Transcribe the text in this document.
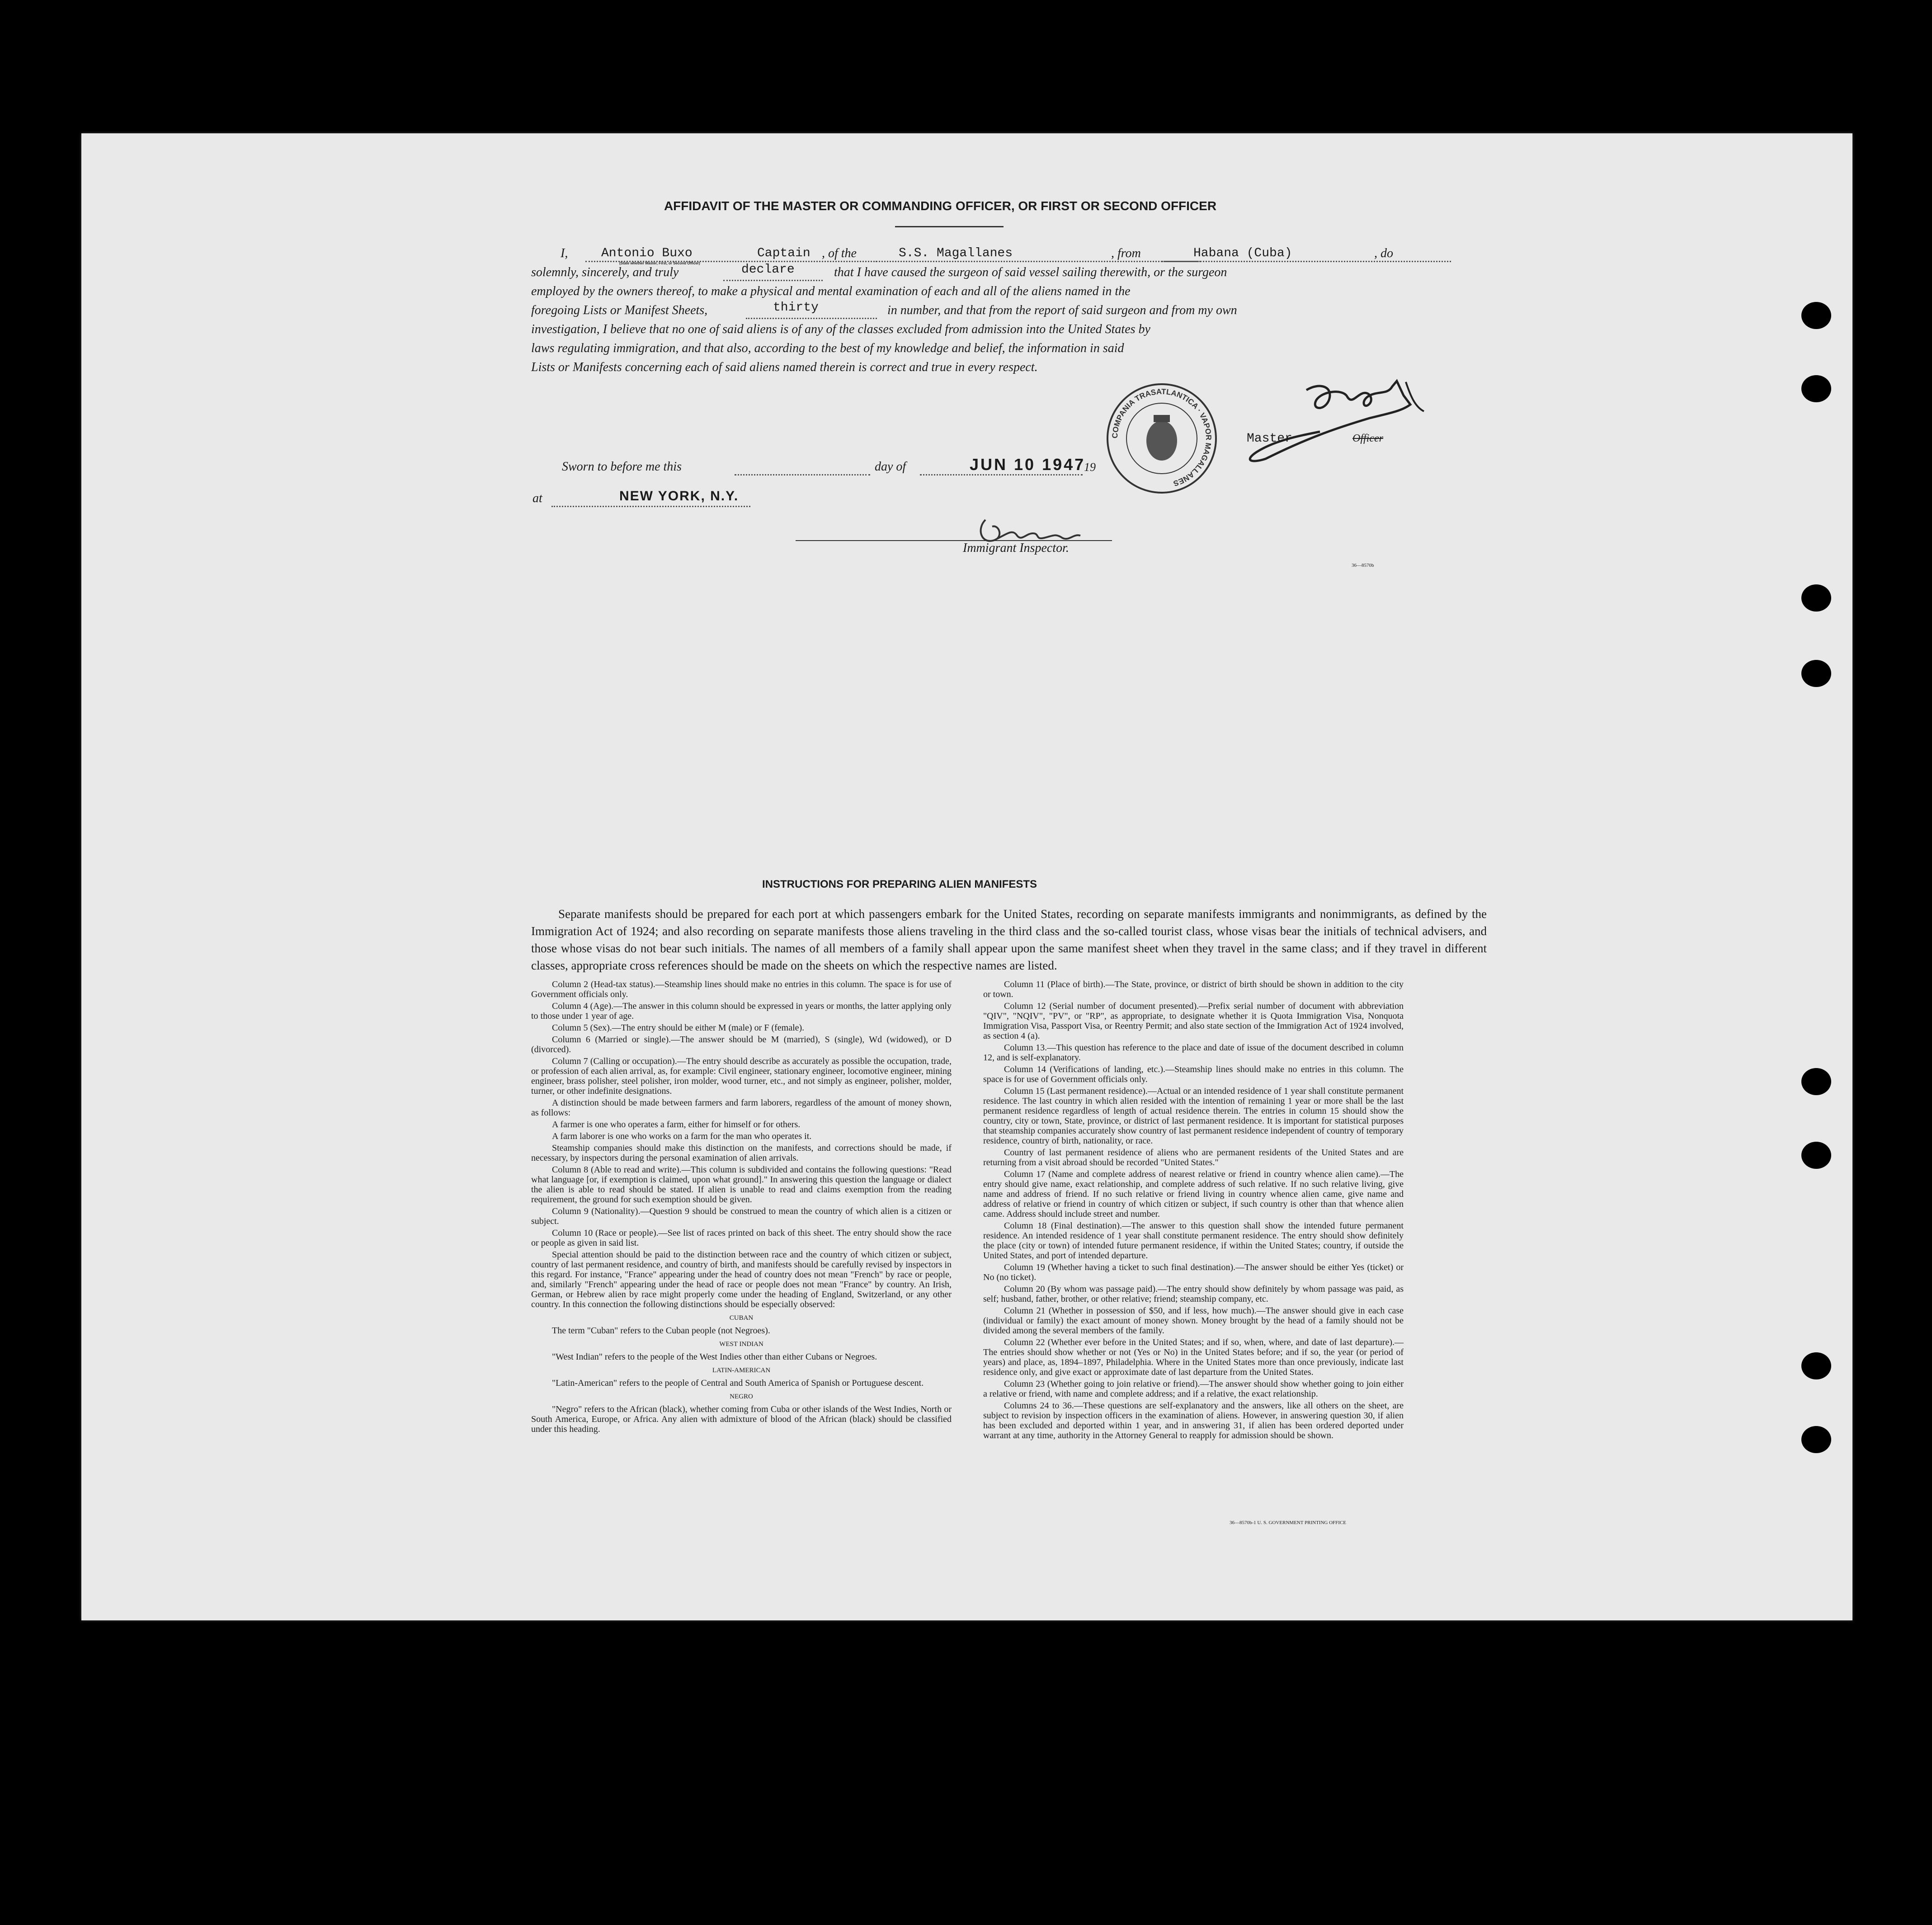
AFFIDAVIT OF THE MASTER OR COMMANDING OFFICER, OR FIRST OR SECOND OFFICER
I,	Antonio Buxo	Captain
(State whether Master, First, or Second Officer)
, of the	S.S. Magallanes	, from	Habana (Cuba)	, do
solemnly, sincerely, and truly	declare	that I have caused the surgeon of said vessel sailing therewith, or the surgeon
employed by the owners thereof, to make a physical and mental examination of each and all of the aliens named in the
foregoing Lists or Manifest Sheets,	thirty	in number, and that from the report of said surgeon and from my own
investigation, I believe that no one of said aliens is of any of the classes excluded from admission into the United States by
laws regulating immigration, and that also, according to the best of my knowledge and belief, the information in said
Lists or Manifests concerning each of said aliens named therein is correct and true in every respect.
COMPANIA TRASATLANTICA · VAPOR MAGALLANES
Master	Officer
Sworn to before me this	day of	JUN 10 1947
19
at	NEW YORK, N.Y.
Immigrant Inspector.
36—8570b
INSTRUCTIONS FOR PREPARING ALIEN MANIFESTS
Separate manifests should be prepared for each port at which passengers embark for the United States, recording on separate manifests immigrants and nonimmigrants, as defined by the Immigration Act of 1924; and also recording on separate manifests those aliens traveling in the third class and the so-called tourist class, whose visas bear the initials of technical advisers, and those whose visas do not bear such initials. The names of all members of a family shall appear upon the same manifest sheet when they travel in the same class; and if they travel in different classes, appropriate cross references should be made on the sheets on which the respective names are listed.

Column 2 (Head-tax status).—Steamship lines should make no entries in this column. The space is for use of Government officials only.

Column 4 (Age).—The answer in this column should be expressed in years or months, the latter applying only to those under 1 year of age.

Column 5 (Sex).—The entry should be either M (male) or F (female).

Column 6 (Married or single).—The answer should be M (married), S (single), Wd (widowed), or D (divorced).

Column 7 (Calling or occupation).—The entry should describe as accurately as possible the occupation, trade, or profession of each alien arrival, as, for example: Civil engineer, stationary engineer, locomotive engineer, mining engineer, brass polisher, steel polisher, iron molder, wood turner, etc., and not simply as engineer, polisher, molder, turner, or other indefinite designations.

A distinction should be made between farmers and farm laborers, regardless of the amount of money shown, as follows:

A farmer is one who operates a farm, either for himself or for others.

A farm laborer is one who works on a farm for the man who operates it.

Steamship companies should make this distinction on the manifests, and corrections should be made, if necessary, by inspectors during the personal examination of alien arrivals.

Column 8 (Able to read and write).—This column is subdivided and contains the following questions: "Read what language [or, if exemption is claimed, upon what ground]." In answering this question the language or dialect the alien is able to read should be stated. If alien is unable to read and claims exemption from the reading requirement, the ground for such exemption should be given.

Column 9 (Nationality).—Question 9 should be construed to mean the country of which alien is a citizen or subject.

Column 10 (Race or people).—See list of races printed on back of this sheet. The entry should show the race or people as given in said list.

Special attention should be paid to the distinction between race and the country of which citizen or subject, country of last permanent residence, and country of birth, and manifests should be carefully revised by inspectors in this regard. For instance, "France" appearing under the head of country does not mean "French" by race or people, and, similarly "French" appearing under the head of race or people does not mean "France" by country. An Irish, German, or Hebrew alien by race might properly come under the heading of England, Switzerland, or any other country. In this connection the following distinctions should be especially observed:

CUBAN

The term "Cuban" refers to the Cuban people (not Negroes).

WEST INDIAN

"West Indian" refers to the people of the West Indies other than either Cubans or Negroes.

LATIN-AMERICAN

"Latin-American" refers to the people of Central and South America of Spanish or Portuguese descent.

NEGRO

"Negro" refers to the African (black), whether coming from Cuba or other islands of the West Indies, North or South America, Europe, or Africa. Any alien with admixture of blood of the African (black) should be classified under this heading.

Column 11 (Place of birth).—The State, province, or district of birth should be shown in addition to the city or town.

Column 12 (Serial number of document presented).—Prefix serial number of document with abbreviation "QIV", "NQIV", "PV", or "RP", as appropriate, to designate whether it is Quota Immigration Visa, Nonquota Immigration Visa, Passport Visa, or Reentry Permit; and also state section of the Immigration Act of 1924 involved, as section 4 (a).

Column 13.—This question has reference to the place and date of issue of the document described in column 12, and is self-explanatory.

Column 14 (Verifications of landing, etc.).—Steamship lines should make no entries in this column. The space is for use of Government officials only.

Column 15 (Last permanent residence).—Actual or an intended residence of 1 year shall constitute permanent residence. The last country in which alien resided with the intention of remaining 1 year or more shall be the last permanent residence regardless of length of actual residence therein. The entries in column 15 should show the country, city or town, State, province, or district of last permanent residence. It is important for statistical purposes that steamship companies accurately show country of last permanent residence independent of country of temporary residence, country of birth, nationality, or race.

Country of last permanent residence of aliens who are permanent residents of the United States and are returning from a visit abroad should be recorded "United States."

Column 17 (Name and complete address of nearest relative or friend in country whence alien came).—The entry should give name, exact relationship, and complete address of such relative. If no such relative living, give name and address of friend. If no such relative or friend living in country whence alien came, give name and address of relative or friend in country of which citizen or subject, if such country is other than that whence alien came. Address should include street and number.

Column 18 (Final destination).—The answer to this question shall show the intended future permanent residence. An intended residence of 1 year shall constitute permanent residence. The entry should show definitely the place (city or town) of intended future permanent residence, if within the United States; country, if outside the United States, and port of intended departure.

Column 19 (Whether having a ticket to such final destination).—The answer should be either Yes (ticket) or No (no ticket).

Column 20 (By whom was passage paid).—The entry should show definitely by whom passage was paid, as self; husband, father, brother, or other relative; friend; steamship company, etc.

Column 21 (Whether in possession of $50, and if less, how much).—The answer should give in each case (individual or family) the exact amount of money shown. Money brought by the head of a family should not be divided among the several members of the family.

Column 22 (Whether ever before in the United States; and if so, when, where, and date of last departure).—The entries should show whether or not (Yes or No) in the United States before; and if so, the year (or period of years) and place, as, 1894–1897, Philadelphia. Where in the United States more than once previously, indicate last residence only, and give exact or approximate date of last departure from the United States.

Column 23 (Whether going to join relative or friend).—The answer should show whether going to join either a relative or friend, with name and complete address; and if a relative, the exact relationship.

Columns 24 to 36.—These questions are self-explanatory and the answers, like all others on the sheet, are subject to revision by inspection officers in the examination of aliens. However, in answering question 30, if alien has been excluded and deported within 1 year, and in answering 31, if alien has been ordered deported under warrant at any time, authority in the Attorney General to reapply for admission should be shown.

36—8570b-1 U. S. GOVERNMENT PRINTING OFFICE
